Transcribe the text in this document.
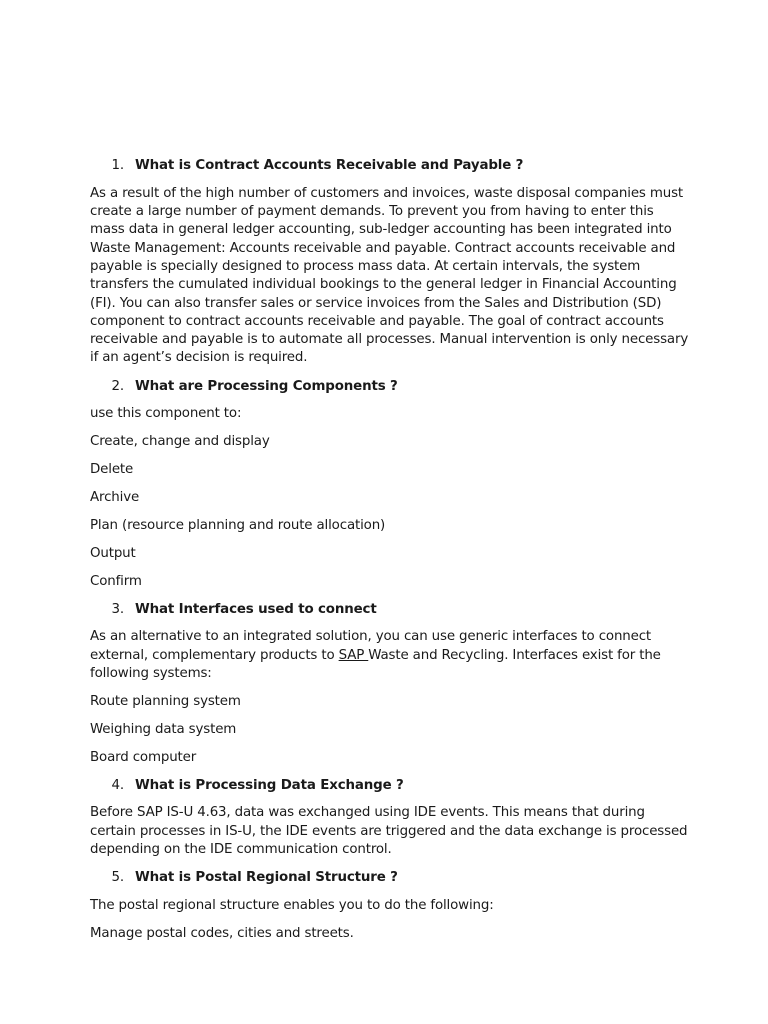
1. What is Contract Accounts Receivable and Payable ?

As a result of the high number of customers and invoices, waste disposal companies must create a large number of payment demands. To prevent you from having to enter this mass data in general ledger accounting, sub-ledger accounting has been integrated into Waste Management: Accounts receivable and payable. Contract accounts receivable and payable is specially designed to process mass data. At certain intervals, the system transfers the cumulated individual bookings to the general ledger in Financial Accounting (FI). You can also transfer sales or service invoices from the Sales and Distribution (SD) component to contract accounts receivable and payable. The goal of contract accounts receivable and payable is to automate all processes. Manual intervention is only necessary if an agent’s decision is required.

2. What are Processing Components ?

use this component to:

Create, change and display

Delete

Archive

Plan (resource planning and route allocation)

Output

Confirm

3. What Interfaces used to connect

As an alternative to an integrated solution, you can use generic interfaces to connect external, complementary products to SAP Waste and Recycling. Interfaces exist for the following systems:

Route planning system

Weighing data system

Board computer

4. What is Processing Data Exchange ?

Before SAP IS-U 4.63, data was exchanged using IDE events. This means that during certain processes in IS-U, the IDE events are triggered and the data exchange is processed depending on the IDE communication control.

5. What is Postal Regional Structure ?

The postal regional structure enables you to do the following:

Manage postal codes, cities and streets.
